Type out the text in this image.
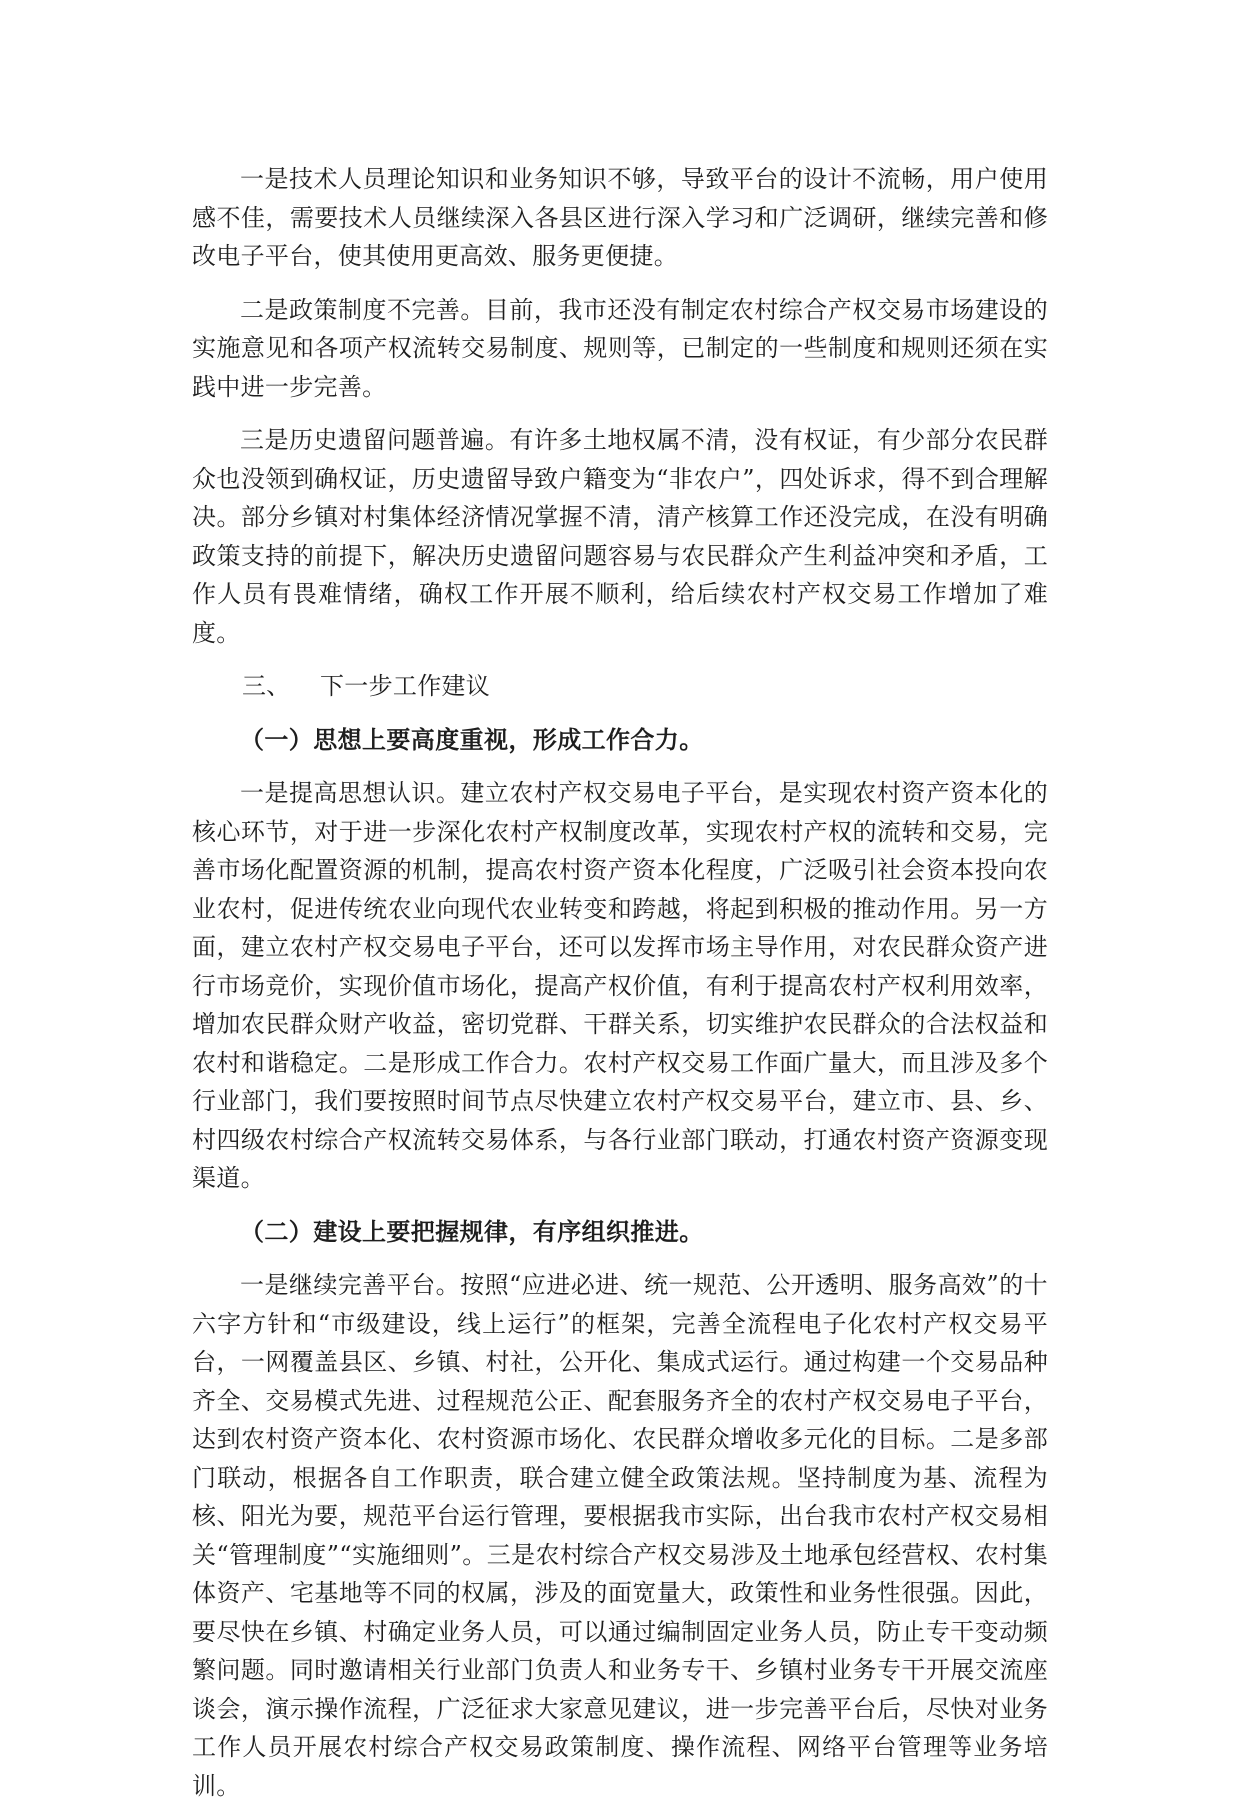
一是技术人员理论知识和业务知识不够，导致平台的设计不流畅，用户使用感不佳，需要技术人员继续深入各县区进行深入学习和广泛调研，继续完善和修改电子平台，使其使用更高效、服务更便捷。

二是政策制度不完善。目前，我市还没有制定农村综合产权交易市场建设的实施意见和各项产权流转交易制度、规则等，已制定的一些制度和规则还须在实践中进一步完善。

三是历史遗留问题普遍。有许多土地权属不清，没有权证，有少部分农民群众也没领到确权证，历史遗留导致户籍变为“非农户”，四处诉求，得不到合理解决。部分乡镇对村集体经济情况掌握不清，清产核算工作还没完成，在没有明确政策支持的前提下，解决历史遗留问题容易与农民群众产生利益冲突和矛盾，工作人员有畏难情绪，确权工作开展不顺利，给后续农村产权交易工作增加了难度。

三、 下一步工作建议

（一）思想上要高度重视，形成工作合力。

一是提高思想认识。建立农村产权交易电子平台，是实现农村资产资本化的核心环节，对于进一步深化农村产权制度改革，实现农村产权的流转和交易，完善市场化配置资源的机制，提高农村资产资本化程度，广泛吸引社会资本投向农业农村，促进传统农业向现代农业转变和跨越，将起到积极的推动作用。另一方面，建立农村产权交易电子平台，还可以发挥市场主导作用，对农民群众资产进行市场竞价，实现价值市场化，提高产权价值，有利于提高农村产权利用效率，增加农民群众财产收益，密切党群、干群关系，切实维护农民群众的合法权益和农村和谐稳定。二是形成工作合力。农村产权交易工作面广量大，而且涉及多个行业部门，我们要按照时间节点尽快建立农村产权交易平台，建立市、县、乡、村四级农村综合产权流转交易体系，与各行业部门联动，打通农村资产资源变现渠道。

（二）建设上要把握规律，有序组织推进。

一是继续完善平台。按照“应进必进、统一规范、公开透明、服务高效”的十六字方针和“市级建设，线上运行”的框架，完善全流程电子化农村产权交易平台，一网覆盖县区、乡镇、村社，公开化、集成式运行。通过构建一个交易品种齐全、交易模式先进、过程规范公正、配套服务齐全的农村产权交易电子平台，达到农村资产资本化、农村资源市场化、农民群众增收多元化的目标。二是多部门联动，根据各自工作职责，联合建立健全政策法规。坚持制度为基、流程为核、阳光为要，规范平台运行管理，要根据我市实际，出台我市农村产权交易相关“管理制度”“实施细则”。三是农村综合产权交易涉及土地承包经营权、农村集体资产、宅基地等不同的权属，涉及的面宽量大，政策性和业务性很强。因此，要尽快在乡镇、村确定业务人员，可以通过编制固定业务人员，防止专干变动频繁问题。同时邀请相关行业部门负责人和业务专干、乡镇村业务专干开展交流座谈会，演示操作流程，广泛征求大家意见建议，进一步完善平台后，尽快对业务工作人员开展农村综合产权交易政策制度、操作流程、网络平台管理等业务培训。
